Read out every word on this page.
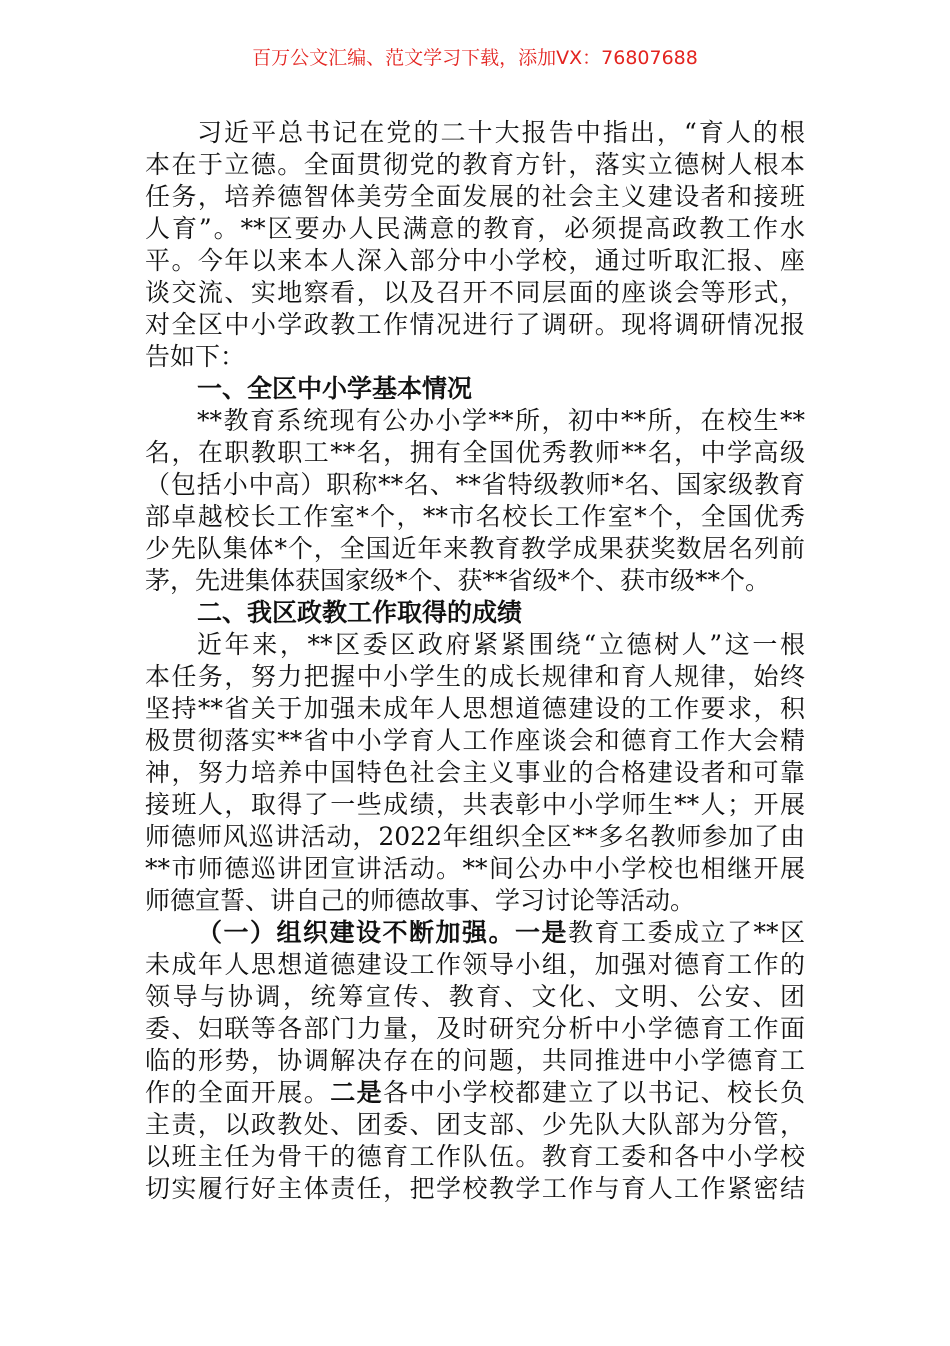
百万公文汇编、范文学习下载，添加VX：76807688
习近平总书记在党的二十大报告中指出，“育人的根
本在于立德。全面贯彻党的教育方针，落实立德树人根本
任务，培养德智体美劳全面发展的社会主义建设者和接班
人育”。**区要办人民满意的教育，必须提高政教工作水
平。今年以来本人深入部分中小学校，通过听取汇报、座
谈交流、实地察看，以及召开不同层面的座谈会等形式，
对全区中小学政教工作情况进行了调研。现将调研情况报
告如下：
一、全区中小学基本情况
**教育系统现有公办小学**所，初中**所，在校生**
名，在职教职工**名，拥有全国优秀教师**名，中学高级
（包括小中高）职称**名、**省特级教师*名、国家级教育
部卓越校长工作室*个，**市名校长工作室*个，全国优秀
少先队集体*个，全国近年来教育教学成果获奖数居名列前
茅，先进集体获国家级*个、获**省级*个、获市级**个。
二、我区政教工作取得的成绩
近年来，**区委区政府紧紧围绕“立德树人”这一根
本任务，努力把握中小学生的成长规律和育人规律，始终
坚持**省关于加强未成年人思想道德建设的工作要求，积
极贯彻落实**省中小学育人工作座谈会和德育工作大会精
神，努力培养中国特色社会主义事业的合格建设者和可靠
接班人，取得了一些成绩，共表彰中小学师生**人；开展
师德师风巡讲活动，2022年组织全区**多名教师参加了由
**市师德巡讲团宣讲活动。**间公办中小学校也相继开展
师德宣誓、讲自己的师德故事、学习讨论等活动。
（一）组织建设不断加强。一是教育工委成立了**区
未成年人思想道德建设工作领导小组，加强对德育工作的
领导与协调，统筹宣传、教育、文化、文明、公安、团
委、妇联等各部门力量，及时研究分析中小学德育工作面
临的形势，协调解决存在的问题，共同推进中小学德育工
作的全面开展。二是各中小学校都建立了以书记、校长负
主责，以政教处、团委、团支部、少先队大队部为分管，
以班主任为骨干的德育工作队伍。教育工委和各中小学校
切实履行好主体责任，把学校教学工作与育人工作紧密结
